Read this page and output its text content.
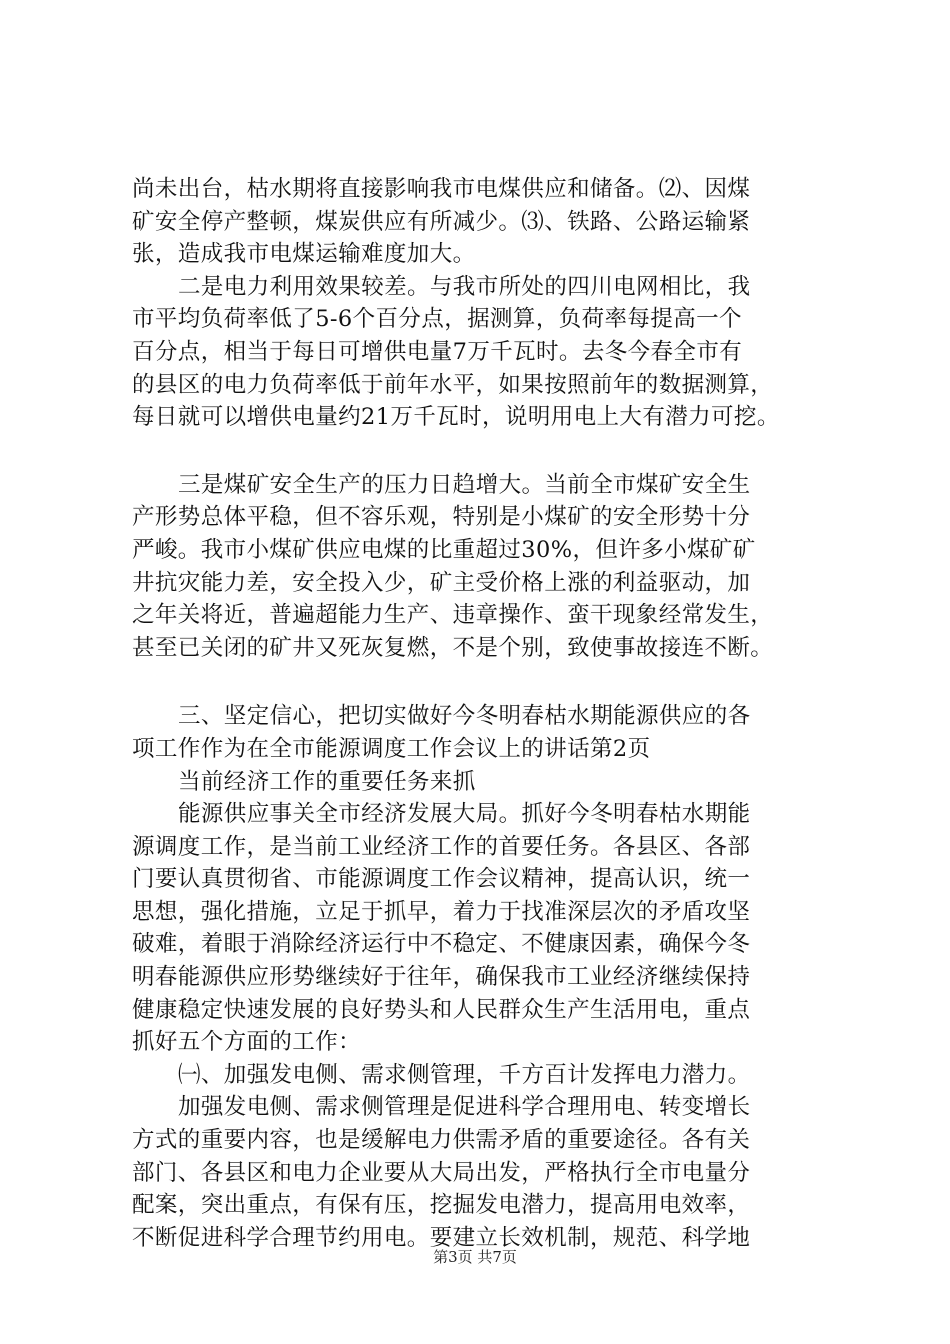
尚未出台，枯水期将直接影响我市电煤供应和储备。⑵、因煤
矿安全停产整顿，煤炭供应有所减少。⑶、铁路、公路运输紧
张，造成我市电煤运输难度加大。
二是电力利用效果较差。与我市所处的四川电网相比，我
市平均负荷率低了5-6个百分点，据测算，负荷率每提高一个
百分点，相当于每日可增供电量7万千瓦时。去冬今春全市有
的县区的电力负荷率低于前年水平，如果按照前年的数据测算，
每日就可以增供电量约21万千瓦时，说明用电上大有潜力可挖。
三是煤矿安全生产的压力日趋增大。当前全市煤矿安全生
产形势总体平稳，但不容乐观，特别是小煤矿的安全形势十分
严峻。我市小煤矿供应电煤的比重超过30%，但许多小煤矿矿
井抗灾能力差，安全投入少，矿主受价格上涨的利益驱动，加
之年关将近，普遍超能力生产、违章操作、蛮干现象经常发生，
甚至已关闭的矿井又死灰复燃，不是个别，致使事故接连不断。
三、坚定信心，把切实做好今冬明春枯水期能源供应的各
项工作作为在全市能源调度工作会议上的讲话第2页
当前经济工作的重要任务来抓
能源供应事关全市经济发展大局。抓好今冬明春枯水期能
源调度工作，是当前工业经济工作的首要任务。各县区、各部
门要认真贯彻省、市能源调度工作会议精神，提高认识，统一
思想，强化措施，立足于抓早，着力于找准深层次的矛盾攻坚
破难，着眼于消除经济运行中不稳定、不健康因素，确保今冬
明春能源供应形势继续好于往年，确保我市工业经济继续保持
健康稳定快速发展的良好势头和人民群众生产生活用电，重点
抓好五个方面的工作：
㈠、加强发电侧、需求侧管理，千方百计发挥电力潜力。
加强发电侧、需求侧管理是促进科学合理用电、转变增长
方式的重要内容，也是缓解电力供需矛盾的重要途径。各有关
部门、各县区和电力企业要从大局出发，严格执行全市电量分
配案，突出重点，有保有压，挖掘发电潜力，提高用电效率，
不断促进科学合理节约用电。要建立长效机制，规范、科学地
第3页 共7页
